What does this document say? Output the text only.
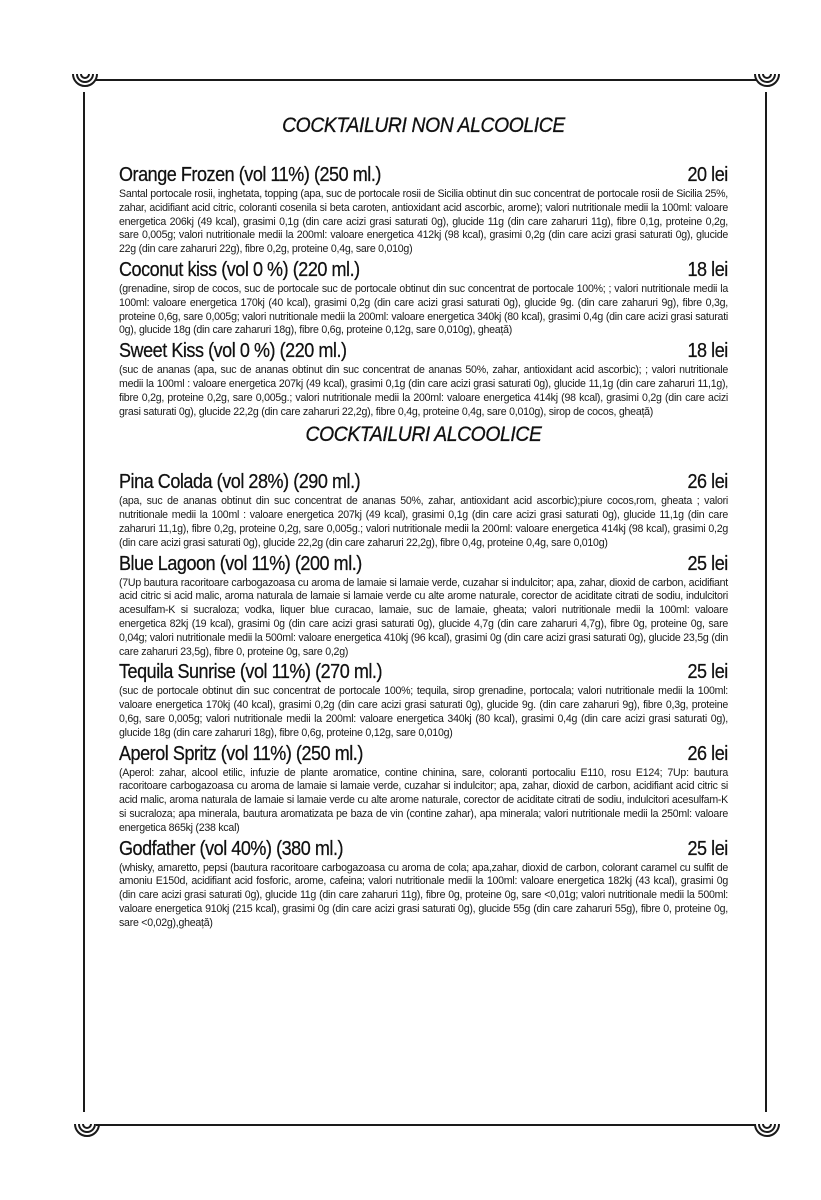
COCKTAILURI NON ALCOOLICE
Orange Frozen (vol 11%) (250 ml.)	20 lei

Santal portocale rosii, inghetata, topping (apa, suc de portocale rosii de Sicilia obtinut din suc concentrat de portocale rosii de Sicilia 25%, zahar, acidifiant acid citric, coloranti cosenila si beta caroten, antioxidant acid ascorbic, arome); valori nutritionale medii la 100ml: valoare energetica 206kj (49 kcal), grasimi 0,1g (din care acizi grasi saturati 0g), glucide 11g (din care zaharuri 11g), fibre 0,1g, proteine 0,2g, sare 0,005g; valori nutritionale medii la 200ml: valoare energetica 412kj (98 kcal), grasimi 0,2g (din care acizi grasi saturati 0g), glucide 22g (din care zaharuri 22g), fibre 0,2g, proteine 0,4g, sare 0,010g)

Coconut kiss (vol 0 %) (220 ml.)	18 lei

(grenadine, sirop de cocos, suc de portocale suc de portocale obtinut din suc concentrat de portocale 100%; ; valori nutritionale medii la 100ml: valoare energetica 170kj (40 kcal), grasimi 0,2g (din care acizi grasi saturati 0g), glucide 9g. (din care zaharuri 9g), fibre 0,3g, proteine 0,6g, sare 0,005g; valori nutritionale medii la 200ml: valoare energetica 340kj (80 kcal), grasimi 0,4g (din care acizi grasi saturati 0g), glucide 18g (din care zaharuri 18g), fibre 0,6g, proteine 0,12g, sare 0,010g), gheață)

Sweet Kiss (vol 0 %) (220 ml.)	18 lei

(suc de ananas (apa, suc de ananas obtinut din suc concentrat de ananas 50%, zahar, antioxidant acid ascorbic); ; valori nutritionale medii la 100ml : valoare energetica 207kj (49 kcal), grasimi 0,1g (din care acizi grasi saturati 0g), glucide 11,1g (din care zaharuri 11,1g), fibre 0,2g, proteine 0,2g, sare 0,005g.; valori nutritionale medii la 200ml: valoare energetica 414kj (98 kcal), grasimi 0,2g (din care acizi grasi saturati 0g), glucide 22,2g (din care zaharuri 22,2g), fibre 0,4g, proteine 0,4g, sare 0,010g), sirop de cocos, gheață)

COCKTAILURI ALCOOLICE
Pina Colada (vol 28%) (290 ml.)	26 lei

(apa, suc de ananas obtinut din suc concentrat de ananas 50%, zahar, antioxidant acid ascorbic);piure cocos,rom, gheata ; valori nutritionale medii la 100ml : valoare energetica 207kj (49 kcal), grasimi 0,1g (din care acizi grasi saturati 0g), glucide 11,1g (din care zaharuri 11,1g), fibre 0,2g, proteine 0,2g, sare 0,005g.; valori nutritionale medii la 200ml: valoare energetica 414kj (98 kcal), grasimi 0,2g (din care acizi grasi saturati 0g), glucide 22,2g (din care zaharuri 22,2g), fibre 0,4g, proteine 0,4g, sare 0,010g)

Blue Lagoon (vol 11%) (200 ml.)	25 lei

(7Up bautura racoritoare carbogazoasa cu aroma de lamaie si lamaie verde, cuzahar si indulcitor; apa, zahar, dioxid de carbon, acidifiant acid citric si acid malic, aroma naturala de lamaie si lamaie verde cu alte arome naturale, corector de aciditate citrati de sodiu, indulcitori acesulfam-K si sucraloza; vodka, liquer blue curacao, lamaie, suc de lamaie, gheata; valori nutritionale medii la 100ml: valoare energetica 82kj (19 kcal), grasimi 0g (din care acizi grasi saturati 0g), glucide 4,7g (din care zaharuri 4,7g), fibre 0g, proteine 0g, sare 0,04g; valori nutritionale medii la 500ml: valoare energetica 410kj (96 kcal), grasimi 0g (din care acizi grasi saturati 0g), glucide 23,5g (din care zaharuri 23,5g), fibre 0, proteine 0g, sare 0,2g)

Tequila Sunrise (vol 11%) (270 ml.)	25 lei

(suc de portocale obtinut din suc concentrat de portocale 100%; tequila, sirop grenadine, portocala; valori nutritionale medii la 100ml: valoare energetica 170kj (40 kcal), grasimi 0,2g (din care acizi grasi saturati 0g), glucide 9g. (din care zaharuri 9g), fibre 0,3g, proteine 0,6g, sare 0,005g; valori nutritionale medii la 200ml: valoare energetica 340kj (80 kcal), grasimi 0,4g (din care acizi grasi saturati 0g), glucide 18g (din care zaharuri 18g), fibre 0,6g, proteine 0,12g, sare 0,010g)

Aperol Spritz (vol 11%) (250 ml.)	26 lei

(Aperol: zahar, alcool etilic, infuzie de plante aromatice, contine chinina, sare, coloranti portocaliu E110, rosu E124; 7Up: bautura racoritoare carbogazoasa cu aroma de lamaie si lamaie verde, cuzahar si indulcitor; apa, zahar, dioxid de carbon, acidifiant acid citric si acid malic, aroma naturala de lamaie si lamaie verde cu alte arome naturale, corector de aciditate citrati de sodiu, indulcitori acesulfam-K si sucraloza; apa minerala, bautura aromatizata pe baza de vin (contine zahar), apa minerala; valori nutritionale medii la 250ml: valoare energetica 865kj (238 kcal)

Godfather (vol 40%) (380 ml.)	25 lei

(whisky, amaretto, pepsi (bautura racoritoare carbogazoasa cu aroma de cola; apa,zahar, dioxid de carbon, colorant caramel cu sulfit de amoniu E150d, acidifiant acid fosforic, arome, cafeina; valori nutritionale medii la 100ml: valoare energetica 182kj (43 kcal), grasimi 0g (din care acizi grasi saturati 0g), glucide 11g (din care zaharuri 11g), fibre 0g, proteine 0g, sare <0,01g; valori nutritionale medii la 500ml: valoare energetica 910kj (215 kcal), grasimi 0g (din care acizi grasi saturati 0g), glucide 55g (din care zaharuri 55g), fibre 0, proteine 0g, sare <0,02g),gheață)
